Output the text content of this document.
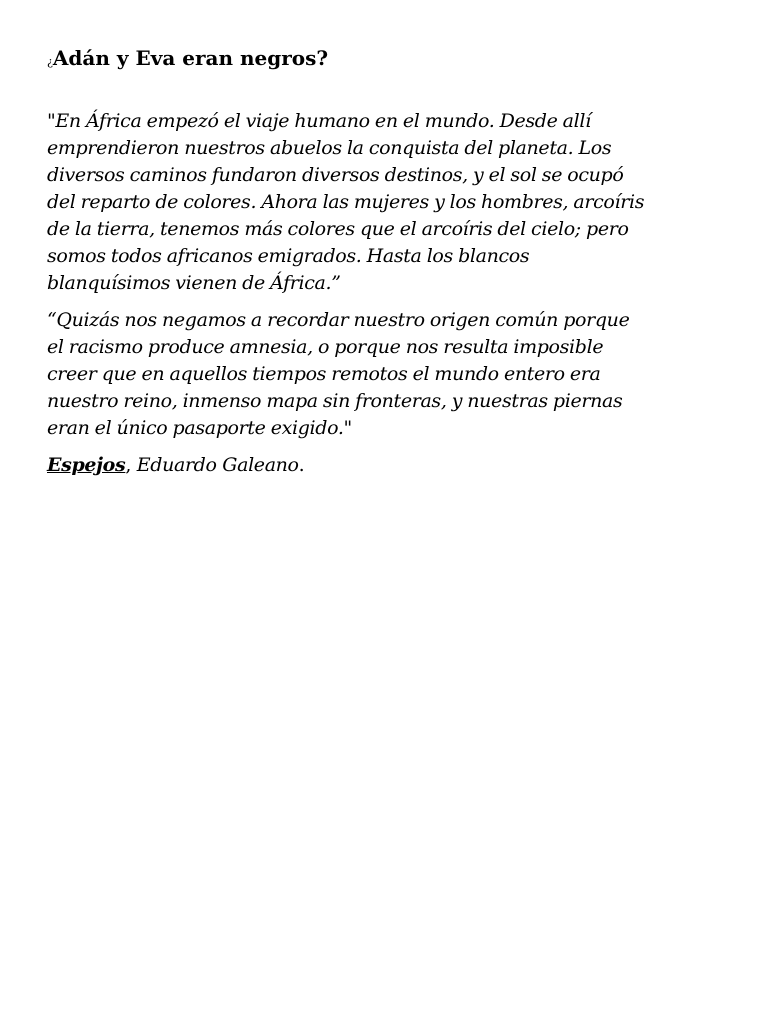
¿Adán y Eva eran negros?

"En África empezó el viaje humano en el mundo. Desde allí
emprendieron nuestros abuelos la conquista del planeta. Los
diversos caminos fundaron diversos destinos, y el sol se ocupó
del reparto de colores. Ahora las mujeres y los hombres, arcoíris
de la tierra, tenemos más colores que el arcoíris del cielo; pero
somos todos africanos emigrados. Hasta los blancos
blanquísimos vienen de África.”

“Quizás nos negamos a recordar nuestro origen común porque
el racismo produce amnesia, o porque nos resulta imposible
creer que en aquellos tiempos remotos el mundo entero era
nuestro reino, inmenso mapa sin fronteras, y nuestras piernas
eran el único pasaporte exigido."

Espejos, Eduardo Galeano.
